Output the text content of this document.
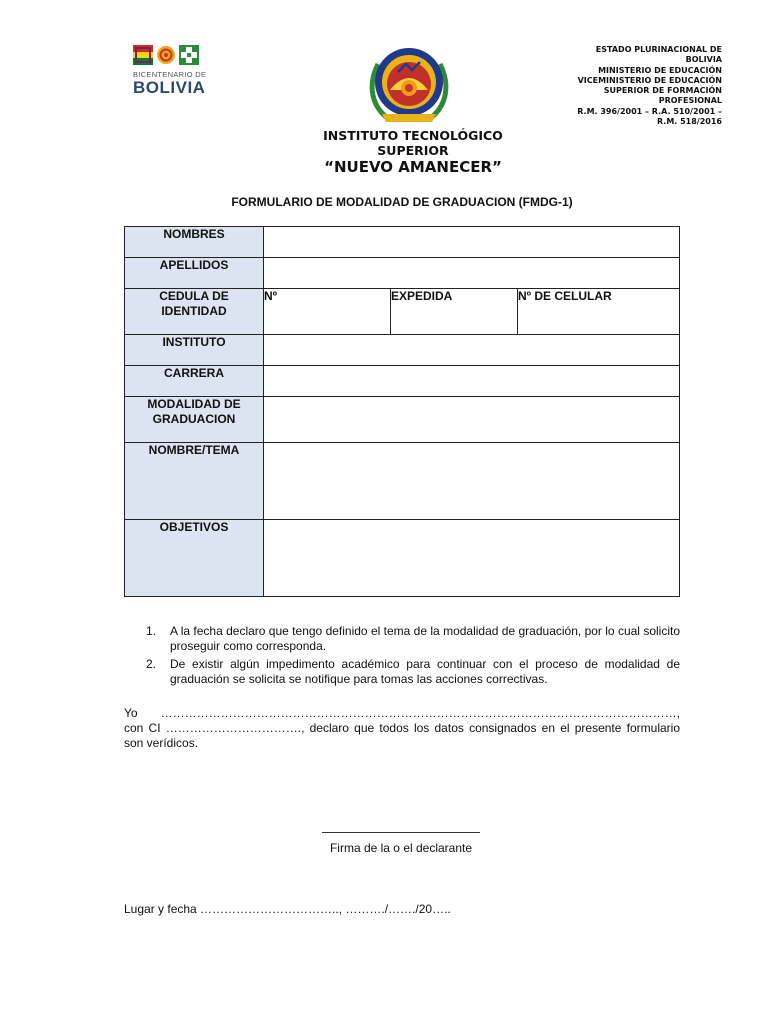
BICENTENARIO DE
BOLIVIA
INSTITUTO TECNOLÓGICO SUPERIOR
“NUEVO AMANECER”
ESTADO PLURINACIONAL DE
BOLIVIA
MINISTERIO DE EDUCACIÓN
VICEMINISTERIO DE EDUCACIÓN
SUPERIOR DE FORMACIÓN
PROFESIONAL
R.M. 396/2001 – R.A. 510/2001 –
R.M. 518/2016
FORMULARIO DE MODALIDAD DE GRADUACION (FMDG-1)
NOMBRES			
APELLIDOS			
CEDULA DE IDENTIDAD	Nº	EXPEDIDA	Nº DE CELULAR
INSTITUTO			
CARRERA			
MODALIDAD DE GRADUACION			
NOMBRE/TEMA			
OBJETIVOS			
1. A la fecha declaro que tengo definido el tema de la modalidad de graduación, por lo cual solicito proseguir como corresponda.
2. De existir algún impedimento académico para continuar con el proceso de modalidad de graduación se solicita se notifique para tomas las acciones correctivas.
Yo …………………………………………………………………………………………………………………, con CI ……………………………., declaro que todos los datos consignados en el presente formulario son verídicos.
Firma de la o el declarante
Lugar y fecha …………………………….., ………./……./20…..
